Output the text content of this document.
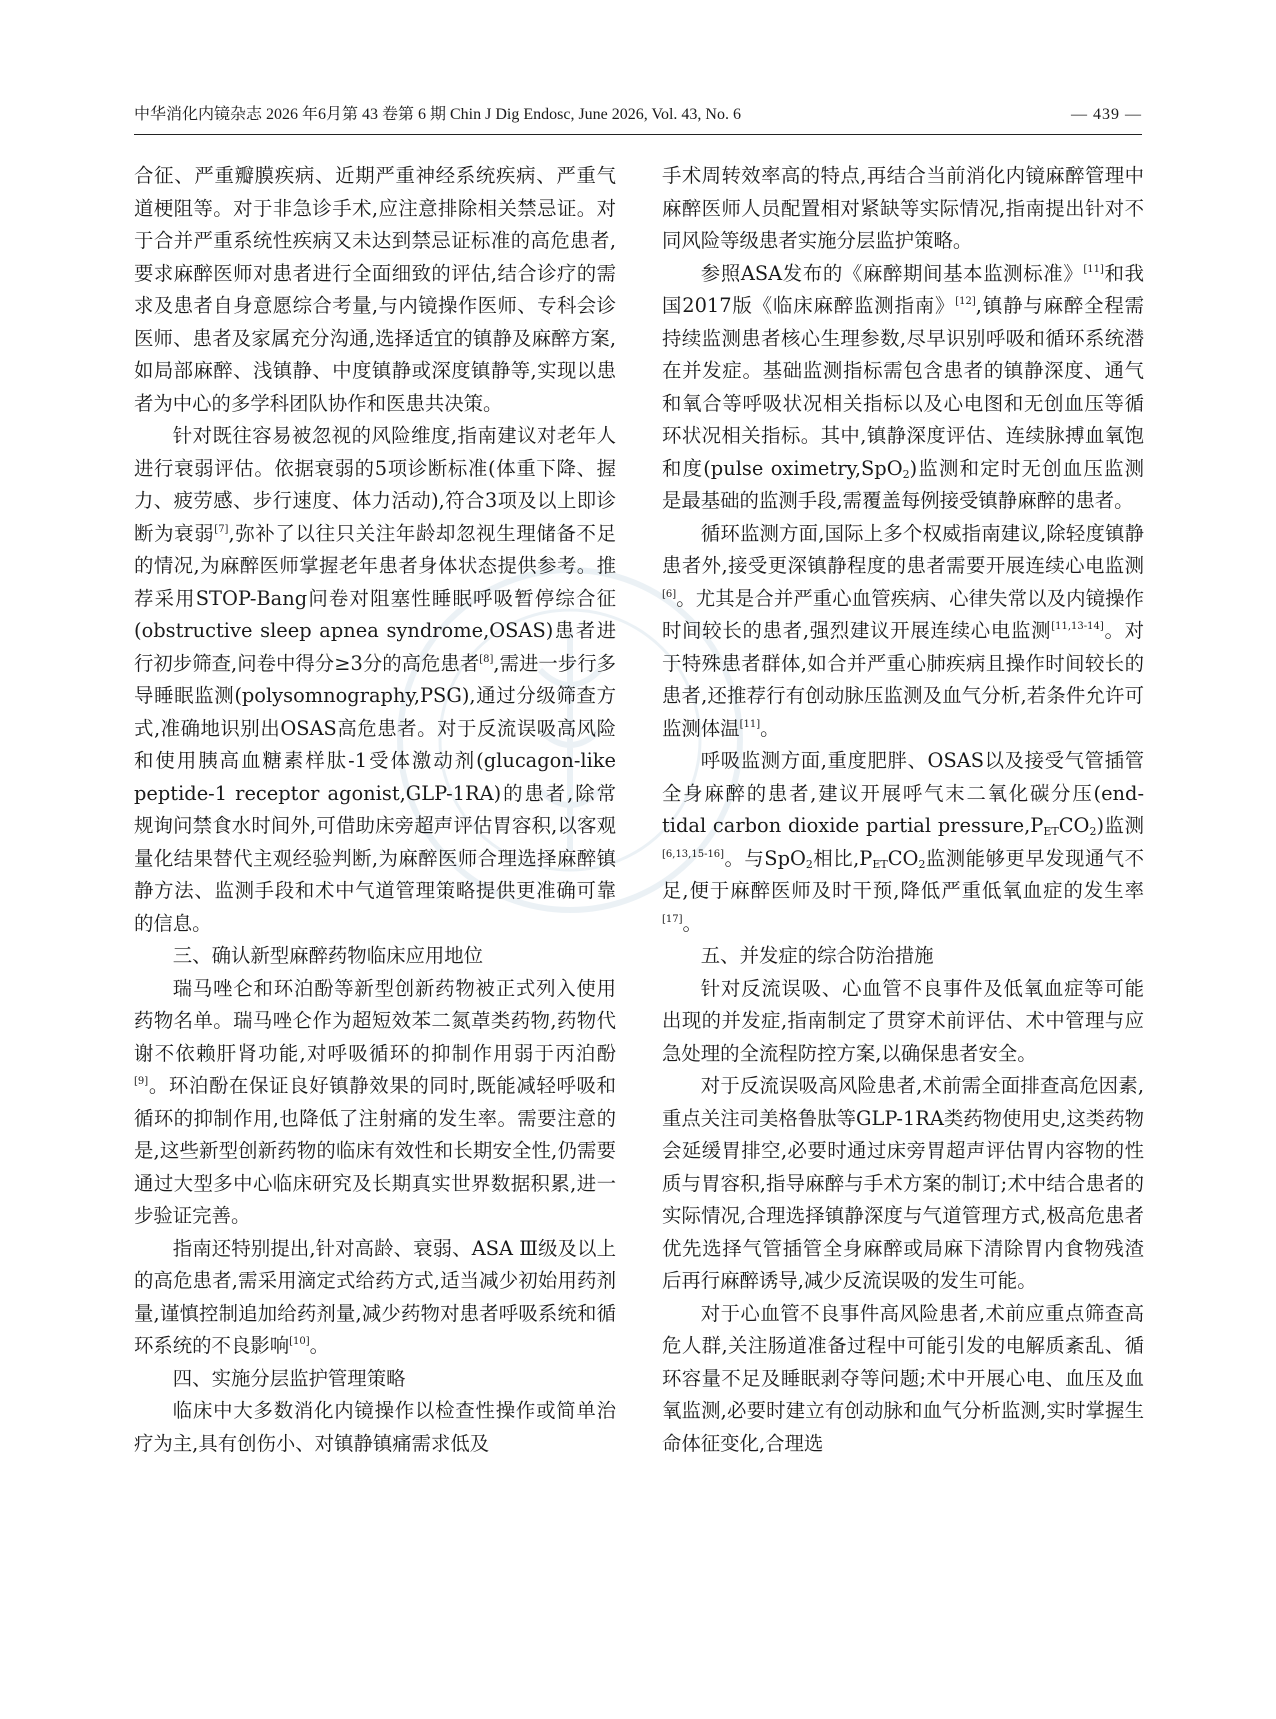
中华消化内镜杂志 2026 年6月第 43 卷第 6 期 Chin J Dig Endosc, June 2026, Vol. 43, No. 6	— 439 —

合征、严重瓣膜疾病、近期严重神经系统疾病、严重气道梗阻等。对于非急诊手术,应注意排除相关禁忌证。对于合并严重系统性疾病又未达到禁忌证标准的高危患者,要求麻醉医师对患者进行全面细致的评估,结合诊疗的需求及患者自身意愿综合考量,与内镜操作医师、专科会诊医师、患者及家属充分沟通,选择适宜的镇静及麻醉方案,如局部麻醉、浅镇静、中度镇静或深度镇静等,实现以患者为中心的多学科团队协作和医患共决策。

针对既往容易被忽视的风险维度,指南建议对老年人进行衰弱评估。依据衰弱的5项诊断标准(体重下降、握力、疲劳感、步行速度、体力活动),符合3项及以上即诊断为衰弱[7],弥补了以往只关注年龄却忽视生理储备不足的情况,为麻醉医师掌握老年患者身体状态提供参考。推荐采用STOP-Bang问卷对阻塞性睡眠呼吸暂停综合征(obstructive sleep apnea syndrome,OSAS)患者进行初步筛查,问卷中得分≥3分的高危患者[8],需进一步行多导睡眠监测(polysomnography,PSG),通过分级筛查方式,准确地识别出OSAS高危患者。对于反流误吸高风险和使用胰高血糖素样肽-1受体激动剂(glucagon-like peptide-1 receptor agonist,GLP-1RA)的患者,除常规询问禁食水时间外,可借助床旁超声评估胃容积,以客观量化结果替代主观经验判断,为麻醉医师合理选择麻醉镇静方法、监测手段和术中气道管理策略提供更准确可靠的信息。

三、确认新型麻醉药物临床应用地位

瑞马唑仑和环泊酚等新型创新药物被正式列入使用药物名单。瑞马唑仑作为超短效苯二氮䓬类药物,药物代谢不依赖肝肾功能,对呼吸循环的抑制作用弱于丙泊酚[9]。环泊酚在保证良好镇静效果的同时,既能减轻呼吸和循环的抑制作用,也降低了注射痛的发生率。需要注意的是,这些新型创新药物的临床有效性和长期安全性,仍需要通过大型多中心临床研究及长期真实世界数据积累,进一步验证完善。

指南还特别提出,针对高龄、衰弱、ASA Ⅲ级及以上的高危患者,需采用滴定式给药方式,适当减少初始用药剂量,谨慎控制追加给药剂量,减少药物对患者呼吸系统和循环系统的不良影响[10]。

四、实施分层监护管理策略

临床中大多数消化内镜操作以检查性操作或简单治疗为主,具有创伤小、对镇静镇痛需求低及

手术周转效率高的特点,再结合当前消化内镜麻醉管理中麻醉医师人员配置相对紧缺等实际情况,指南提出针对不同风险等级患者实施分层监护策略。

参照ASA发布的《麻醉期间基本监测标准》[11]和我国2017版《临床麻醉监测指南》[12],镇静与麻醉全程需持续监测患者核心生理参数,尽早识别呼吸和循环系统潜在并发症。基础监测指标需包含患者的镇静深度、通气和氧合等呼吸状况相关指标以及心电图和无创血压等循环状况相关指标。其中,镇静深度评估、连续脉搏血氧饱和度(pulse oximetry,SpO$_2$)监测和定时无创血压监测是最基础的监测手段,需覆盖每例接受镇静麻醉的患者。

循环监测方面,国际上多个权威指南建议,除轻度镇静患者外,接受更深镇静程度的患者需要开展连续心电监测[6]。尤其是合并严重心血管疾病、心律失常以及内镜操作时间较长的患者,强烈建议开展连续心电监测[11,13-14]。对于特殊患者群体,如合并严重心肺疾病且操作时间较长的患者,还推荐行有创动脉压监测及血气分析,若条件允许可监测体温[11]。

呼吸监测方面,重度肥胖、OSAS以及接受气管插管全身麻醉的患者,建议开展呼气末二氧化碳分压(end-tidal carbon dioxide partial $pressure,P_{ET}CO_2$)监测[6,13,15-16]。与SpO$_2$相比$,P_{ET}CO_2$监测能够更早发现通气不足,便于麻醉医师及时干预,降低严重低氧血症的发生率[17]。

五、并发症的综合防治措施

针对反流误吸、心血管不良事件及低氧血症等可能出现的并发症,指南制定了贯穿术前评估、术中管理与应急处理的全流程防控方案,以确保患者安全。

对于反流误吸高风险患者,术前需全面排查高危因素,重点关注司美格鲁肽等GLP-1RA类药物使用史,这类药物会延缓胃排空,必要时通过床旁胃超声评估胃内容物的性质与胃容积,指导麻醉与手术方案的制订;术中结合患者的实际情况,合理选择镇静深度与气道管理方式,极高危患者优先选择气管插管全身麻醉或局麻下清除胃内食物残渣后再行麻醉诱导,减少反流误吸的发生可能。

对于心血管不良事件高风险患者,术前应重点筛查高危人群,关注肠道准备过程中可能引发的电解质紊乱、循环容量不足及睡眠剥夺等问题;术中开展心电、血压及血氧监测,必要时建立有创动脉和血气分析监测,实时掌握生命体征变化,合理选
